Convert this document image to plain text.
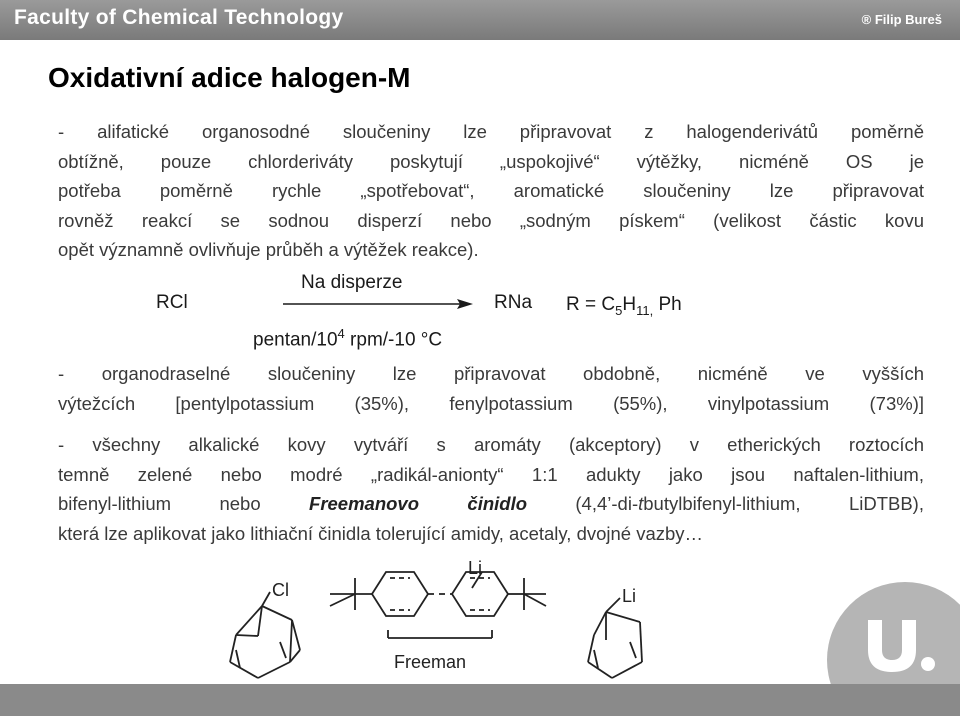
Faculty of Chemical Technology	® Filip Bureš
Oxidativní adice halogen-M
- alifatické organosodné sloučeniny lze připravovat z halogenderivátů poměrně
obtížně, pouze chlorderiváty poskytují „uspokojivé“ výtěžky, nicméně OS je
potřeba poměrně rychle „spotřebovat“, aromatické sloučeniny lze připravovat
rovněž reakcí se sodnou disperzí nebo „sodným pískem“ (velikost částic kovu
opět významně ovlivňuje průběh a výtěžek reakce).
RCl
Na disperze
pentan/$10^4$ rpm/-10 °C
RNa $R = C_5H_{11,}$ Ph
- organodraselné sloučeniny lze připravovat obdobně, nicméně ve vyšších
výtežcích [pentylpotassium (35%), fenylpotassium (55%), vinylpotassium (73%)]
- všechny alkalické kovy vytváří s aromáty (akceptory) v etherických roztocích
temně zelené nebo modré „radikál-anionty“ 1:1 adukty jako jsou naftalen-lithium,
bifenyl-lithium nebo Freemanovo činidlo (4,4’-di-tbutylbifenyl-lithium, LiDTBB),
která lze aplikovat jako lithiační činidla tolerující amidy, acetaly, dvojné vazby…
Cl
Li
Freeman
Li
